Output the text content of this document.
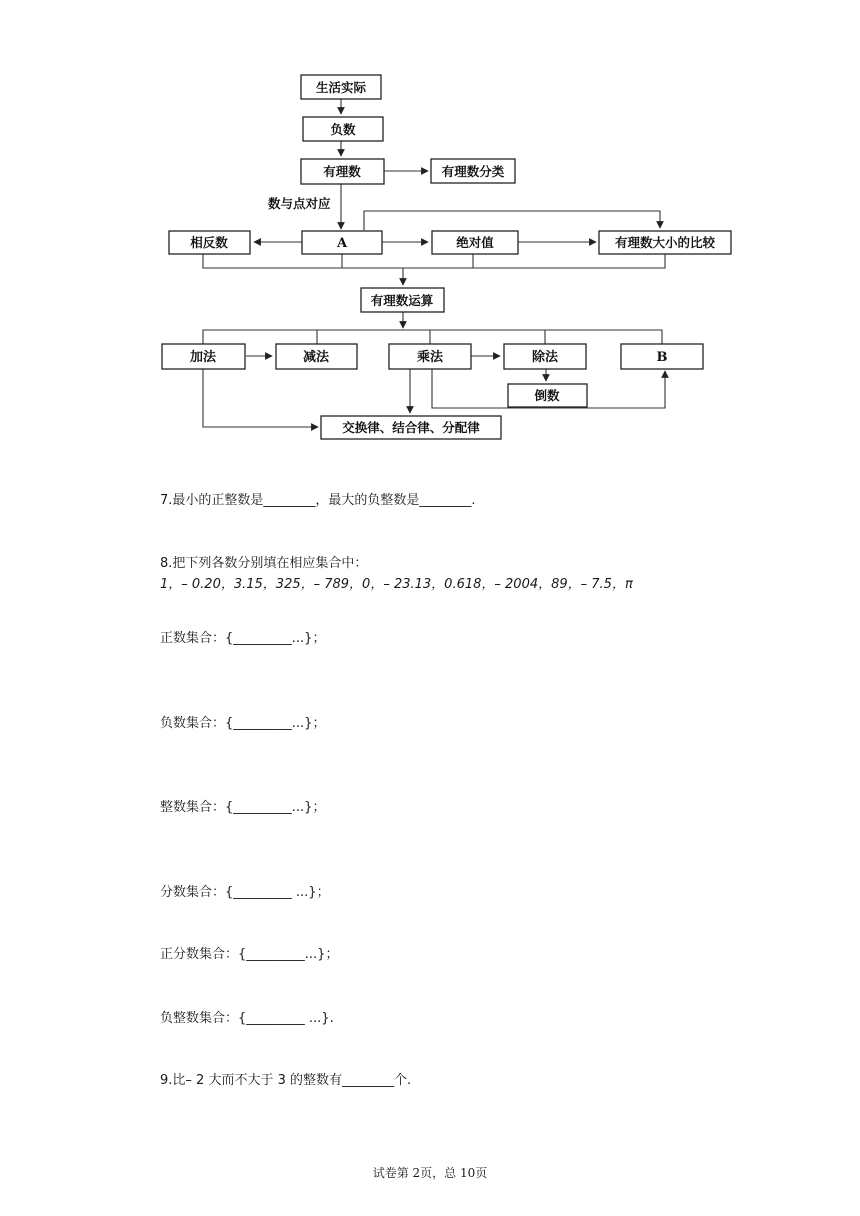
生活实际
负数
有理数	有理数分类
数与点对应
A
相反数	绝对值	有理数大小的比较
有理数运算
加法	减法	乘法	除法	B
倒数
交换律、结合律、分配律
7.最小的正整数是________，最大的负整数是________.
8.把下列各数分别填在相应集合中：
1，– 0.20，3.15，325，– 789，0，– 23.13，0.618，– 2004，89，– 7.5，π
正数集合：{_________...}；
负数集合：{_________...}；
整数集合：{_________...}；
分数集合：{_________ ...}；
正分数集合：{_________...}；
负整数集合：{_________ ...}.
9.比– 2 大而不大于 3 的整数有________个.
试卷第 2页，总 10页
